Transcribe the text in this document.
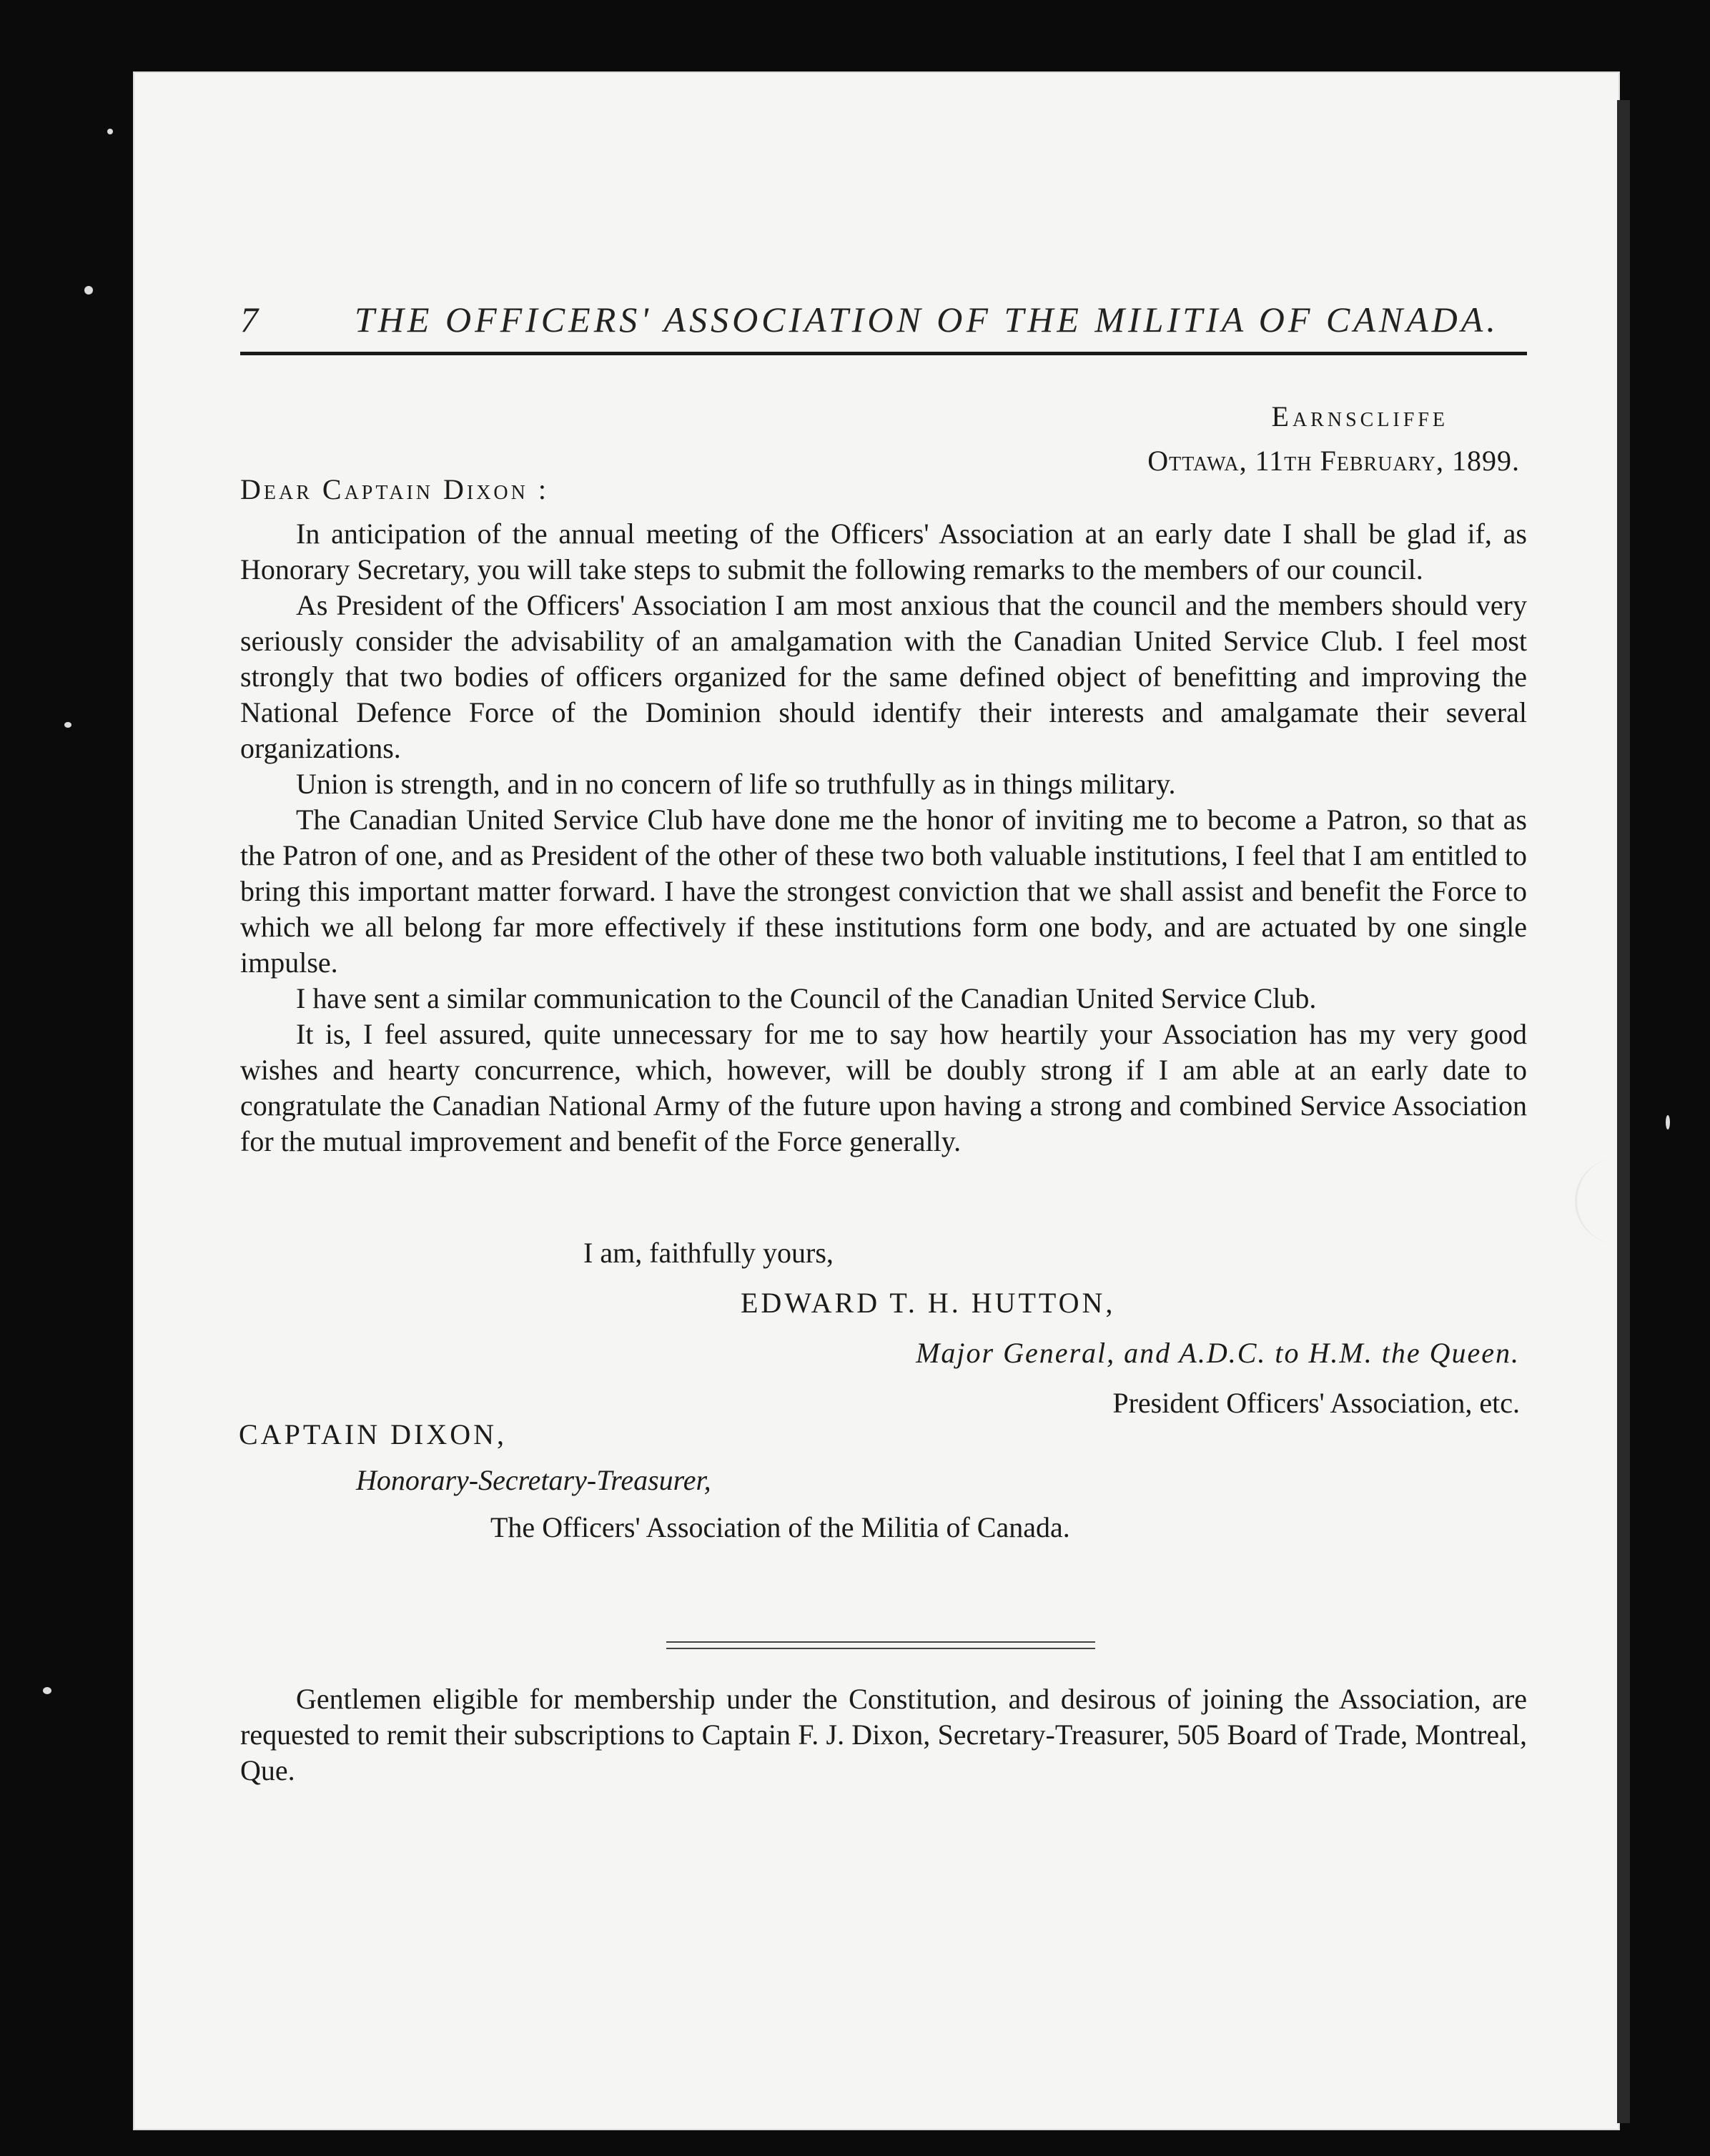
7	THE OFFICERS' ASSOCIATION OF THE MILITIA OF CANADA.
Earnscliffe
Ottawa, 11th February, 1899.
Dear Captain Dixon :

In anticipation of the annual meeting of the Officers' Association at an early date I shall be glad if, as Honorary Secretary, you will take steps to submit the following remarks to the members of our council.

As President of the Officers' Association I am most anxious that the council and the members should very seriously consider the advisability of an amalgamation with the Canadian United Service Club. I feel most strongly that two bodies of officers organized for the same defined object of benefitting and improving the National Defence Force of the Dominion should identify their interests and amalgamate their several organizations.

Union is strength, and in no concern of life so truthfully as in things military.

The Canadian United Service Club have done me the honor of inviting me to become a Patron, so that as the Patron of one, and as President of the other of these two both valuable institutions, I feel that I am entitled to bring this important matter forward. I have the strongest conviction that we shall assist and benefit the Force to which we all belong far more effectively if these institutions form one body, and are actuated by one single impulse.

I have sent a similar communication to the Council of the Canadian United Service Club.

It is, I feel assured, quite unnecessary for me to say how heartily your Association has my very good wishes and hearty concurrence, which, however, will be doubly strong if I am able at an early date to congratulate the Canadian National Army of the future upon having a strong and combined Service Association for the mutual improvement and benefit of the Force generally.

I am, faithfully yours,
EDWARD T. H. HUTTON,
Major General, and A.D.C. to H.M. the Queen.
President Officers' Association, etc.
CAPTAIN DIXON,
Honorary-Secretary-Treasurer,
The Officers' Association of the Militia of Canada.

Gentlemen eligible for membership under the Constitution, and desirous of joining the Association, are requested to remit their subscriptions to Captain F. J. Dixon, Secretary-Treasurer, 505 Board of Trade, Montreal, Que.
